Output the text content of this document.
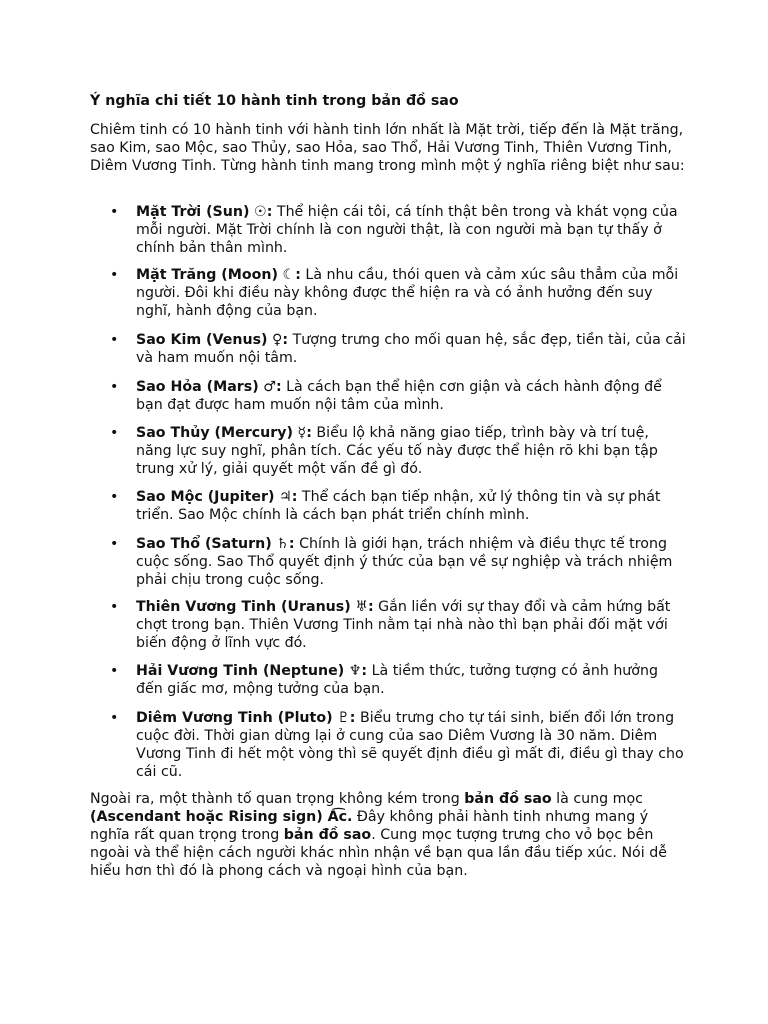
Ý nghĩa chi tiết 10 hành tinh trong bản đồ sao

Chiêm tinh có 10 hành tinh với hành tinh lớn nhất là Mặt trời, tiếp đến là Mặt trăng, sao Kim, sao Mộc, sao Thủy, sao Hỏa, sao Thổ, Hải Vương Tinh, Thiên Vương Tinh, Diêm Vương Tinh. Từng hành tinh mang trong mình một ý nghĩa riêng biệt như sau:

• Mặt Trời (Sun) ☉: Thể hiện cái tôi, cá tính thật bên trong và khát vọng của mỗi người. Mặt Trời chính là con người thật, là con người mà bạn tự thấy ở chính bản thân mình.
• Mặt Trăng (Moon) ☾: Là nhu cầu, thói quen và cảm xúc sâu thẳm của mỗi người. Đôi khi điều này không được thể hiện ra và có ảnh hưởng đến suy nghĩ, hành động của bạn.
• Sao Kim (Venus) ♀: Tượng trưng cho mối quan hệ, sắc đẹp, tiền tài, của cải và ham muốn nội tâm.
• Sao Hỏa (Mars) ♂: Là cách bạn thể hiện cơn giận và cách hành động để bạn đạt được ham muốn nội tâm của mình.
• Sao Thủy (Mercury) ☿: Biểu lộ khả năng giao tiếp, trình bày và trí tuệ, năng lực suy nghĩ, phân tích. Các yếu tố này được thể hiện rõ khi bạn tập trung xử lý, giải quyết một vấn đề gì đó.
• Sao Mộc (Jupiter) ♃: Thể cách bạn tiếp nhận, xử lý thông tin và sự phát triển. Sao Mộc chính là cách bạn phát triển chính mình.
• Sao Thổ (Saturn) ♄: Chính là giới hạn, trách nhiệm và điều thực tế trong cuộc sống. Sao Thổ quyết định ý thức của bạn về sự nghiệp và trách nhiệm phải chịu trong cuộc sống.
• Thiên Vương Tinh (Uranus) ♅: Gắn liền với sự thay đổi và cảm hứng bất chợt trong bạn. Thiên Vương Tinh nằm tại nhà nào thì bạn phải đối mặt với biến động ở lĩnh vực đó.
• Hải Vương Tinh (Neptune) ♆: Là tiềm thức, tưởng tượng có ảnh hưởng đến giấc mơ, mộng tưởng của bạn.
• Diêm Vương Tinh (Pluto) ♇: Biểu trưng cho tự tái sinh, biến đổi lớn trong cuộc đời. Thời gian dừng lại ở cung của sao Diêm Vương là 30 năm. Diêm Vương Tinh đi hết một vòng thì sẽ quyết định điều gì mất đi, điều gì thay cho cái cũ.

Ngoài ra, một thành tố quan trọng không kém trong bản đồ sao là cung mọc (Ascendant hoặc Rising sign) A͡c. Đây không phải hành tinh nhưng mang ý nghĩa rất quan trọng trong bản đồ sao. Cung mọc tượng trưng cho vỏ bọc bên ngoài và thể hiện cách người khác nhìn nhận về bạn qua lần đầu tiếp xúc. Nói dễ hiểu hơn thì đó là phong cách và ngoại hình của bạn.
